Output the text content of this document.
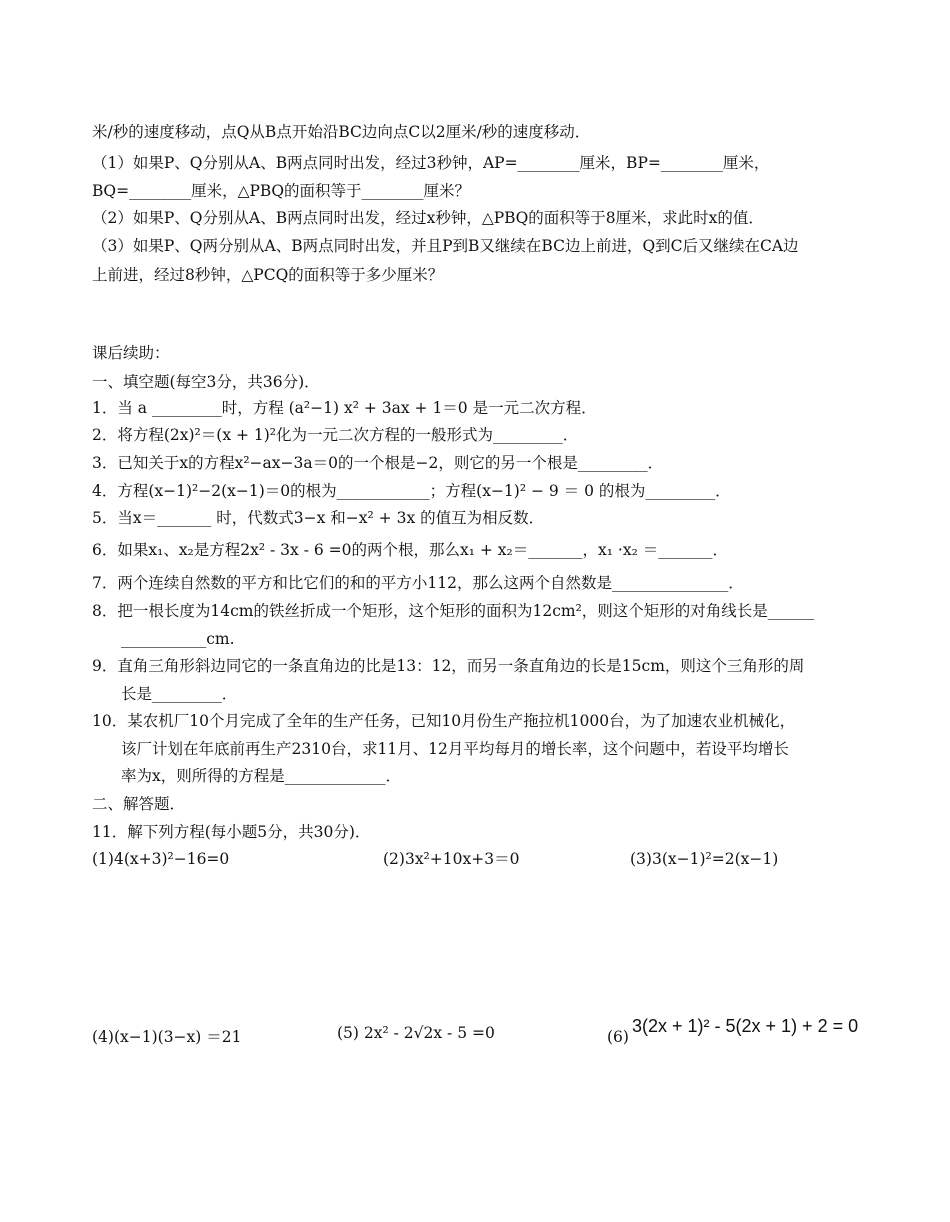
米/秒的速度移动，点Q从B点开始沿BC边向点C以2厘米/秒的速度移动．
（1）如果P、Q分别从A、B两点同时出发，经过3秒钟，AP=________厘米，BP=________厘米，
BQ=________厘米，△PBQ的面积等于________厘米？
（2）如果P、Q分别从A、B两点同时出发，经过x秒钟，△PBQ的面积等于8厘米，求此时x的值．
（3）如果P、Q两分别从A、B两点同时出发，并且P到B又继续在BC边上前进，Q到C后又继续在CA边
上前进，经过8秒钟，△PCQ的面积等于多少厘米？
课后续助：
一、填空题(每空3分，共36分)．
1．当 a _________时，方程 (a²−1) x² + 3ax + 1＝0 是一元二次方程．
2．将方程(2x)²＝(x + 1)²化为一元二次方程的一般形式为_________．
3．已知关于x的方程x²−ax−3a＝0的一个根是−2，则它的另一个根是_________．
4．方程(x−1)²−2(x−1)＝0的根为____________；方程(x−1)² − 9 ＝ 0 的根为_________．
5．当x＝_______ 时，代数式3−x 和−x² + 3x 的值互为相反数．
6．如果x₁、x₂是方程2x² - 3x - 6 =0的两个根，那么x₁ + x₂＝_______，x₁ ·x₂ ＝_______．
7．两个连续自然数的平方和比它们的和的平方小112，那么这两个自然数是_______________．
8．把一根长度为14cm的铁丝折成一个矩形，这个矩形的面积为12cm²，则这个矩形的对角线长是______
___________cm.
9．直角三角形斜边同它的一条直角边的比是13：12，而另一条直角边的长是15cm，则这个三角形的周
长是_________．
10．某农机厂10个月完成了全年的生产任务，已知10月份生产拖拉机1000台，为了加速农业机械化，
该厂计划在年底前再生产2310台，求11月、12月平均每月的增长率，这个问题中，若设平均增长
率为x，则所得的方程是_____________．
二、解答题．
11．解下列方程(每小题5分，共30分)．
(1)4(x+3)²−16=0	(2)3x²+10x+3＝0	(3)3(x−1)²=2(x−1)
(4)(x−1)(3−x) ＝21	(5) 2x² - 2√2x - 5 =0	(6)
3(2x + 1)² - 5(2x + 1) + 2 = 0
